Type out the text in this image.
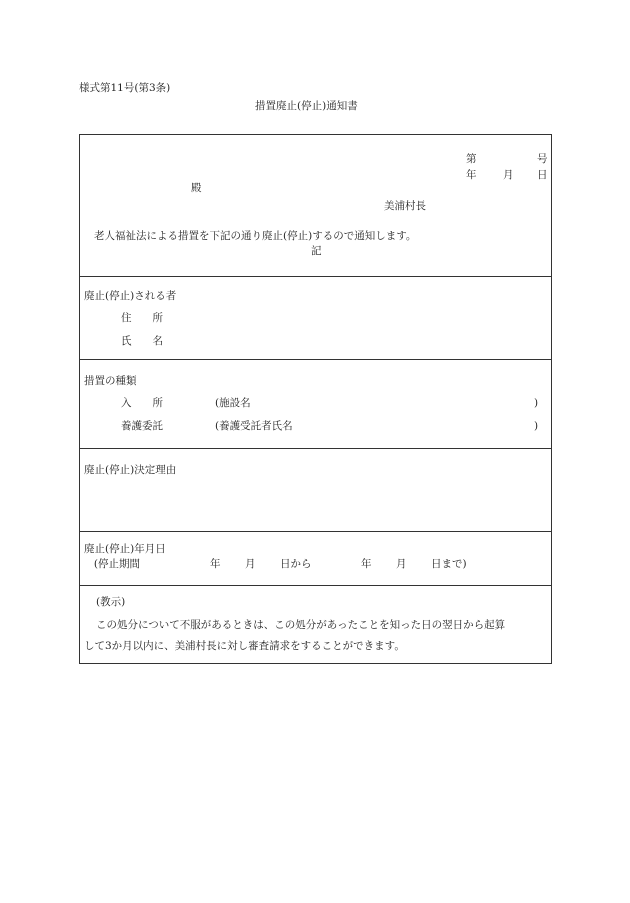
様式第11号(第3条)
措置廃止(停止)通知書
第	号
年	月 日
殿
美浦村長
老人福祉法による措置を下記の通り廃止(停止)するので通知します。
記
廃止(停止)される者
住　　所
氏　　名
措置の種類
入　　所	(施設名	)
養護委託	(養護受託者氏名	)
廃止(停止)決定理由
廃止(停止)年月日
(停止期間	年 月 日から	年 月 日まで)
(教示)
この処分について不服があるときは、この処分があったことを知った日の翌日から起算
して3か月以内に、美浦村長に対し審査請求をすることができます。
